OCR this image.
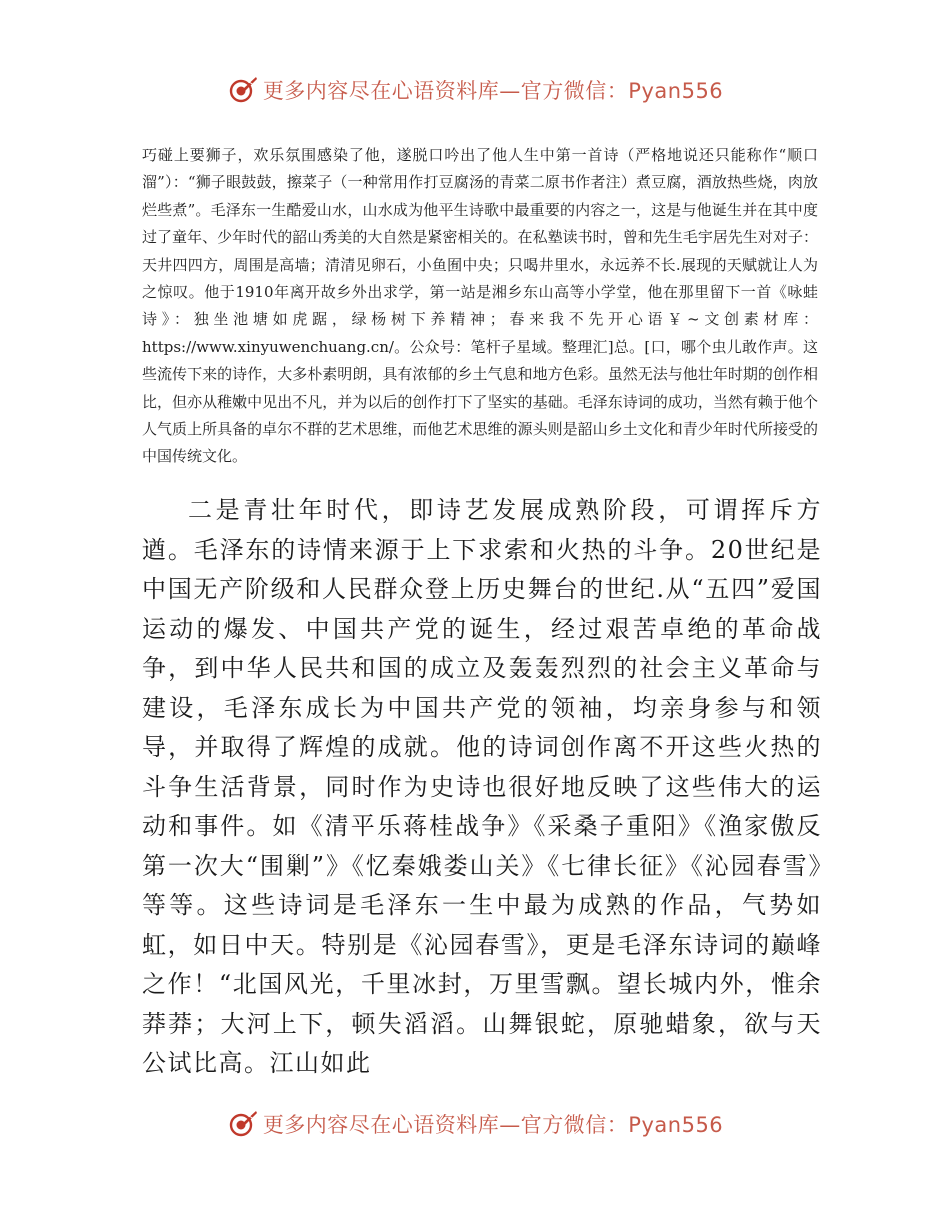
更多内容尽在心语资料库—官方微信：Pyan556

巧碰上要狮子，欢乐氛围感染了他，遂脱口吟出了他人生中第一首诗（严格地说还只能称作“顺口溜”）：“狮子眼鼓鼓，擦菜子（一种常用作打豆腐汤的青菜二原书作者注）煮豆腐，酒放热些烧，肉放烂些煮”。毛泽东一生酷爱山水，山水成为他平生诗歌中最重要的内容之一，这是与他诞生并在其中度过了童年、少年时代的韶山秀美的大自然是紧密相关的。在私塾读书时，曾和先生毛宇居先生对对子：天井四四方，周围是高墙；清清见卵石，小鱼囿中央；只喝井里水，永远养不长.展现的天赋就让人为之惊叹。他于1910年离开故乡外出求学，第一站是湘乡东山高等小学堂，他在那里留下一首《咏蛙诗》：独坐池塘如虎踞，绿杨树下养精神；春来我不先开心语￥~文创素材库：https://www.xinyuwenchuang.cn/。公众号：笔杆子星域。整理汇]总。[口，哪个虫儿敢作声。这些流传下来的诗作，大多朴素明朗，具有浓郁的乡土气息和地方色彩。虽然无法与他壮年时期的创作相比，但亦从稚嫩中见出不凡，并为以后的创作打下了坚实的基础。毛泽东诗词的成功，当然有赖于他个人气质上所具备的卓尔不群的艺术思维，而他艺术思维的源头则是韶山乡土文化和青少年时代所接受的中国传统文化。

二是青壮年时代，即诗艺发展成熟阶段，可谓挥斥方遒。毛泽东的诗情来源于上下求索和火热的斗争。20世纪是中国无产阶级和人民群众登上历史舞台的世纪.从“五四”爱国运动的爆发、中国共产党的诞生，经过艰苦卓绝的革命战争，到中华人民共和国的成立及轰轰烈烈的社会主义革命与建设，毛泽东成长为中国共产党的领袖，均亲身参与和领导，并取得了辉煌的成就。他的诗词创作离不开这些火热的斗争生活背景，同时作为史诗也很好地反映了这些伟大的运动和事件。如《清平乐蒋桂战争》《采桑子重阳》《渔家傲反第一次大“围剿”》《忆秦娥娄山关》《七律长征》《沁园春雪》等等。这些诗词是毛泽东一生中最为成熟的作品，气势如虹，如日中天。特别是《沁园春雪》，更是毛泽东诗词的巅峰之作！“北国风光，千里冰封，万里雪飘。望长城内外，惟余莽莽；大河上下，顿失滔滔。山舞银蛇，原驰蜡象，欲与天公试比高。江山如此

更多内容尽在心语资料库—官方微信：Pyan556
